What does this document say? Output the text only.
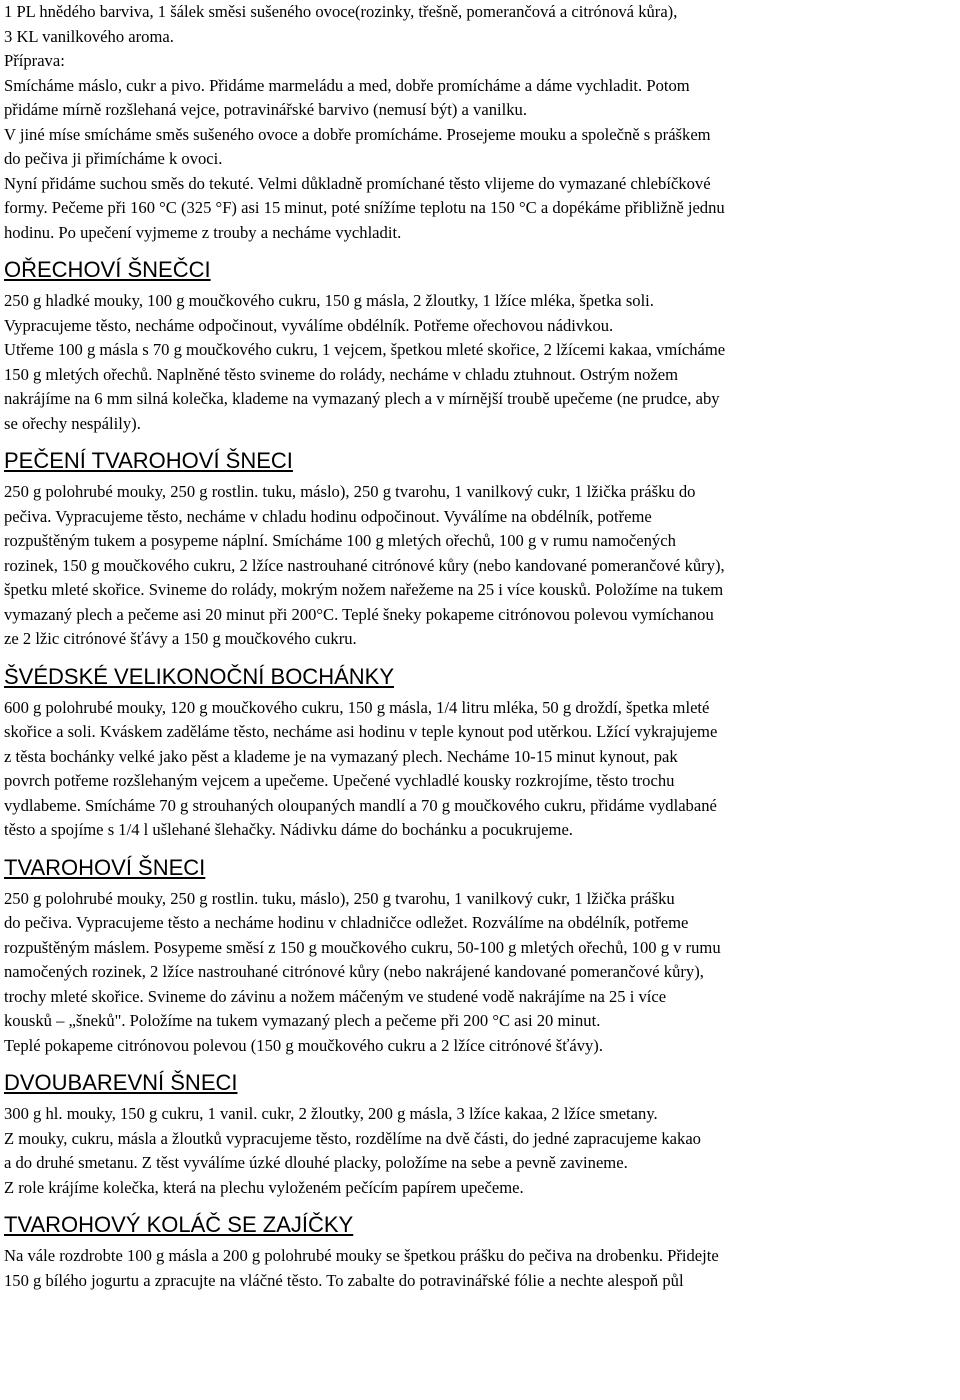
1 PL hnědého barviva, 1 šálek směsi sušeného ovoce(rozinky, třešně, pomerančová a citrónová kůra),
3 KL vanilkového aroma.
Příprava:
Smícháme máslo, cukr a pivo. Přidáme marmeládu a med, dobře promícháme a dáme vychladit. Potom
přidáme mírně rozšlehaná vejce, potravinářské barvivo (nemusí být) a vanilku.
V jiné míse smícháme směs sušeného ovoce a dobře promícháme. Prosejeme mouku a společně s práškem
do pečiva ji přimícháme k ovoci.
Nyní přidáme suchou směs do tekuté. Velmi důkladně promíchané těsto vlijeme do vymazané chlebíčkové
formy. Pečeme při 160 °C (325 °F) asi 15 minut, poté snížíme teplotu na 150 °C a dopékáme přibližně jednu
hodinu. Po upečení vyjmeme z trouby a necháme vychladit.
OŘECHOVÍ ŠNEČCI
250 g hladké mouky, 100 g moučkového cukru, 150 g másla, 2 žloutky, 1 lžíce mléka, špetka soli.
Vypracujeme těsto, necháme odpočinout, vyválíme obdélník. Potřeme ořechovou nádivkou.
Utřeme 100 g másla s 70 g moučkového cukru, 1 vejcem, špetkou mleté skořice, 2 lžícemi kakaa, vmícháme
150 g mletých ořechů. Naplněné těsto svineme do rolády, necháme v chladu ztuhnout. Ostrým nožem
nakrájíme na 6 mm silná kolečka, klademe na vymazaný plech a v mírnější troubě upečeme (ne prudce, aby
se ořechy nespálily).
PEČENÍ TVAROHOVÍ ŠNECI
250 g polohrubé mouky, 250 g rostlin. tuku, máslo), 250 g tvarohu, 1 vanilkový cukr, 1 lžička prášku do
pečiva. Vypracujeme těsto, necháme v chladu hodinu odpočinout. Vyválíme na obdélník, potřeme
rozpuštěným tukem a posypeme náplní. Smícháme 100 g mletých ořechů, 100 g v rumu namočených
rozinek, 150 g moučkového cukru, 2 lžíce nastrouhané citrónové kůry (nebo kandované pomerančové kůry),
špetku mleté skořice. Svineme do rolády, mokrým nožem nařežeme na 25 i více kousků. Položíme na tukem
vymazaný plech a pečeme asi 20 minut při 200°C. Teplé šneky pokapeme citrónovou polevou vymíchanou
ze 2 lžic citrónové šťávy a 150 g moučkového cukru.
ŠVÉDSKÉ VELIKONOČNÍ BOCHÁNKY
600 g polohrubé mouky, 120 g moučkového cukru, 150 g másla, 1/4 litru mléka, 50 g droždí, špetka mleté
skořice a soli. Kváskem zaděláme těsto, necháme asi hodinu v teple kynout pod utěrkou. Lžící vykrajujeme
z těsta bochánky velké jako pěst a klademe je na vymazaný plech. Necháme 10-15 minut kynout, pak
povrch potřeme rozšlehaným vejcem a upečeme. Upečené vychladlé kousky rozkrojíme, těsto trochu
vydlabeme. Smícháme 70 g strouhaných oloupaných mandlí a 70 g moučkového cukru, přidáme vydlabané
těsto a spojíme s 1/4 l ušlehané šlehačky. Nádivku dáme do bochánku a pocukrujeme.
TVAROHOVÍ ŠNECI
250 g polohrubé mouky, 250 g rostlin. tuku, máslo), 250 g tvarohu, 1 vanilkový cukr, 1 lžička prášku
do pečiva. Vypracujeme těsto a necháme hodinu v chladničce odležet. Rozválíme na obdélník, potřeme
rozpuštěným máslem. Posypeme směsí z 150 g moučkového cukru, 50-100 g mletých ořechů, 100 g v rumu
namočených rozinek, 2 lžíce nastrouhané citrónové kůry (nebo nakrájené kandované pomerančové kůry),
trochy mleté skořice. Svineme do závinu a nožem máčeným ve studené vodě nakrájíme na 25 i více
kousků – „šneků". Položíme na tukem vymazaný plech a pečeme při 200 °C asi 20 minut.
Teplé pokapeme citrónovou polevou (150 g moučkového cukru a 2 lžíce citrónové šťávy).
DVOUBAREVNÍ ŠNECI
300 g hl. mouky, 150 g cukru, 1 vanil. cukr, 2 žloutky, 200 g másla, 3 lžíce kakaa, 2 lžíce smetany.
Z mouky, cukru, másla a žloutků vypracujeme těsto, rozdělíme na dvě části, do jedné zapracujeme kakao
a do druhé smetanu. Z těst vyválíme úzké dlouhé placky, položíme na sebe a pevně zavineme.
Z role krájíme kolečka, která na plechu vyloženém pečícím papírem upečeme.
TVAROHOVÝ KOLÁČ SE ZAJÍČKY
Na vále rozdrobte 100 g másla a 200 g polohrubé mouky se špetkou prášku do pečiva na drobenku. Přidejte
150 g bílého jogurtu a zpracujte na vláčné těsto. To zabalte do potravinářské fólie a nechte alespoň půl
